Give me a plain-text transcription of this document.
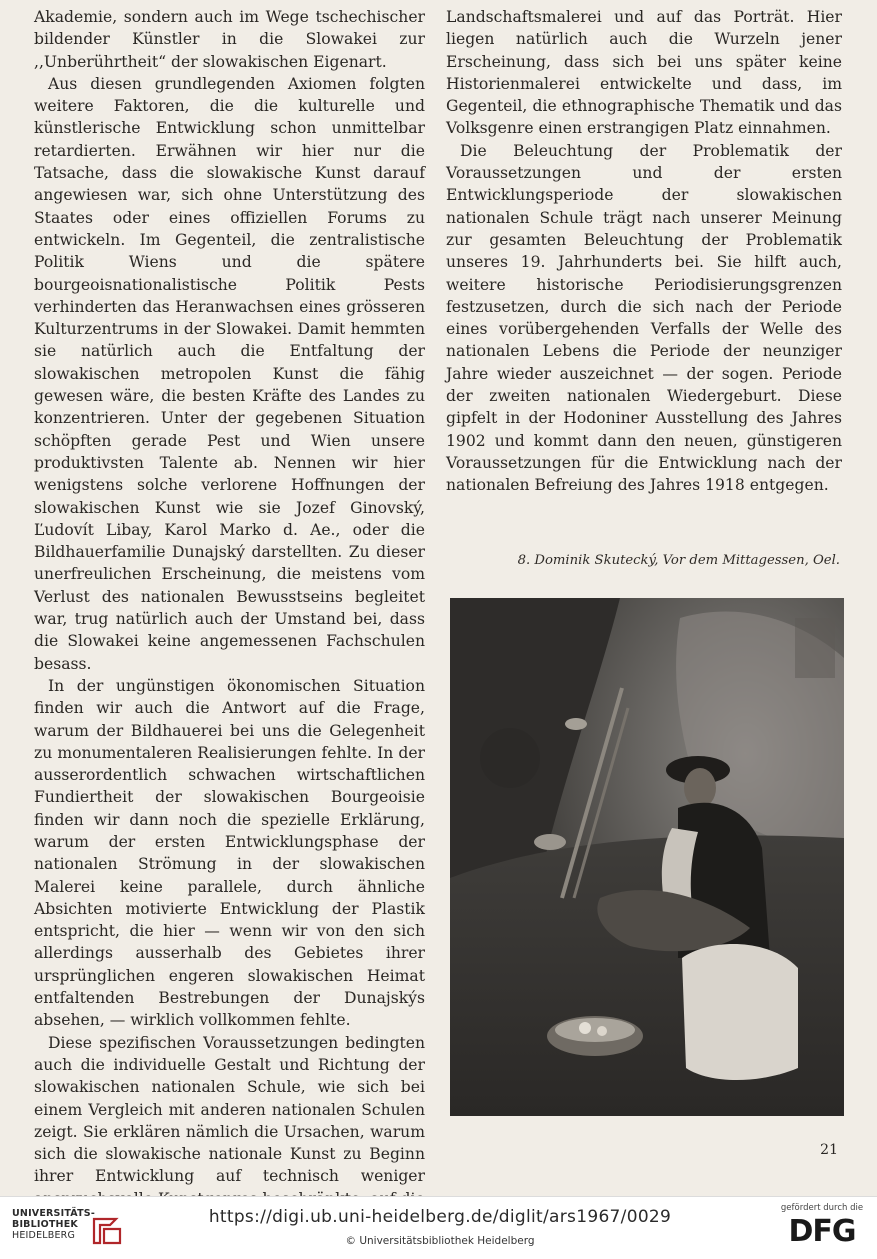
Akademie, sondern auch im Wege tschechischer bildender Künstler in die Slowakei zur ,,Unberührtheit“ der slowakischen Eigenart.

Aus diesen grundlegenden Axiomen folgten weitere Faktoren, die die kulturelle und künstlerische Entwicklung schon unmittelbar retardierten. Erwähnen wir hier nur die Tatsache, dass die slowakische Kunst darauf angewiesen war, sich ohne Unterstützung des Staates oder eines offiziellen Forums zu entwickeln. Im Gegenteil, die zentralistische Politik Wiens und die spätere bourgeoisnationalistische Politik Pests verhinderten das Heranwachsen eines grösseren Kulturzentrums in der Slowakei. Damit hemmten sie natürlich auch die Entfaltung der slowakischen metropolen Kunst die fähig gewesen wäre, die besten Kräfte des Landes zu konzentrieren. Unter der gegebenen Situation schöpften gerade Pest und Wien unsere produktivsten Talente ab. Nennen wir hier wenigstens solche verlorene Hoffnungen der slowakischen Kunst wie sie Jozef Ginovský, Ľudovít Libay, Karol Marko d. Ae., oder die Bildhauerfamilie Dunajský darstellten. Zu dieser unerfreulichen Erscheinung, die meistens vom Verlust des nationalen Bewusstseins begleitet war, trug natürlich auch der Umstand bei, dass die Slowakei keine angemessenen Fachschulen besass.

In der ungünstigen ökonomischen Situation finden wir auch die Antwort auf die Frage, warum der Bildhauerei bei uns die Gelegenheit zu monumentaleren Realisierungen fehlte. In der ausserordentlich schwachen wirtschaftlichen Fundiertheit der slowakischen Bourgeoisie finden wir dann noch die spezielle Erklärung, warum der ersten Entwicklungsphase der nationalen Strömung in der slowakischen Malerei keine parallele, durch ähnliche Absichten motivierte Entwicklung der Plastik entspricht, die hier — wenn wir von den sich allerdings ausserhalb des Gebietes ihrer ursprünglichen engeren slowakischen Heimat entfaltenden Bestrebungen der Dunajskýs absehen, — wirklich vollkommen fehlte.

Diese spezifischen Voraussetzungen bedingten auch die individuelle Gestalt und Richtung der slowakischen nationalen Schule, wie sich bei einem Vergleich mit anderen nationalen Schulen zeigt. Sie erklären nämlich die Ursachen, warum sich die slowakische nationale Kunst zu Beginn ihrer Entwicklung auf technisch weniger

Landschaftsmalerei und auf das Porträt. Hier liegen natürlich auch die Wurzeln jener Erscheinung, dass sich bei uns später keine Historienmalerei entwickelte und dass, im Gegenteil, die ethnographische Thematik und das Volksgenre einen erstrangigen Platz einnahmen.

Die Beleuchtung der Problematik der Voraussetzungen und der ersten Entwicklungsperiode der slowakischen nationalen Schule trägt nach unserer Meinung zur gesamten Beleuchtung der Problematik unseres 19. Jahrhunderts bei. Sie hilft auch, weitere historische Periodisierungsgrenzen festzusetzen, durch die sich nach der Periode eines vorübergehenden Verfalls der Welle des nationalen Lebens die Periode der neunziger Jahre wieder auszeichnet — der sogen. Periode der zweiten nationalen Wiedergeburt. Diese gipfelt in der Hodoniner Ausstellung des Jahres 1902 und kommt dann den neuen, günstigeren Voraussetzungen für die Entwicklung nach der nationalen Befreiung des Jahres 1918 entgegen.

8. Dominik Skutecký, Vor dem Mittagessen, Oel.
21
UNIVERSITÄTS-
BIBLIOTHEK
HEIDELBERG
https://digi.ub.uni-heidelberg.de/diglit/ars1967/0029
© Universitätsbibliothek Heidelberg
gefördert durch die
DFG
